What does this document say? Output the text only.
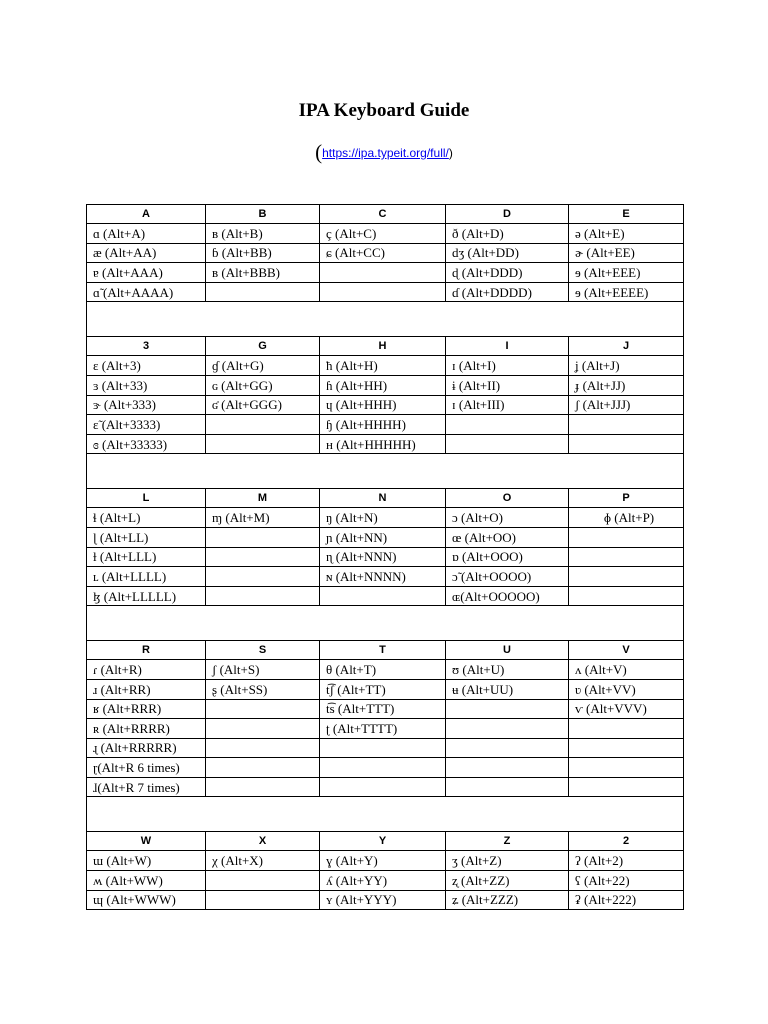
IPA Keyboard Guide
(https://ipa.typeit.org/full/)
A	B	C	D	E
ɑ (Alt+A)	ʙ (Alt+B)	ç (Alt+C)	ð (Alt+D)	ə (Alt+E)
æ (Alt+AA)	ɓ (Alt+BB)	ɕ (Alt+CC)	dʒ (Alt+DD)	ɚ (Alt+EE)
ɐ (Alt+AAA)	ʙ (Alt+BBB)		ɖ (Alt+DDD)	ɘ (Alt+EEE)
ɑ̃ (Alt+AAAA)			ɗ (Alt+DDDD)	ɘ (Alt+EEEE)

3	G	H	I	J
ɛ (Alt+3)	ɠ (Alt+G)	ħ (Alt+H)	ɪ (Alt+I)	ʝ (Alt+J)
ɜ (Alt+33)	ɢ (Alt+GG)	ɦ (Alt+HH)	ɨ (Alt+II)	ɟ (Alt+JJ)
ɝ (Alt+333)	ʛ (Alt+GGG)	ɥ (Alt+HHH)	ɪ (Alt+III)	ʃ (Alt+JJJ)
ɛ̃ (Alt+3333)		ɧ (Alt+HHHH)		
ɞ (Alt+33333)		ʜ (Alt+HHHHH)		

L	M	N	O	P
ɬ (Alt+L)	ɱ (Alt+M)	ŋ (Alt+N)	ɔ (Alt+O)	ɸ (Alt+P)
ɭ (Alt+LL)		ɲ (Alt+NN)	œ (Alt+OO)	
ɫ (Alt+LLL)		ɳ (Alt+NNN)	ɒ (Alt+OOO)	
ʟ (Alt+LLLL)		ɴ (Alt+NNNN)	ɔ̃ (Alt+OOOO)	
ɮ (Alt+LLLLL)			ɶ(Alt+OOOOO)	

R	S	T	U	V
ɾ (Alt+R)	ʃ (Alt+S)	θ (Alt+T)	ʊ (Alt+U)	ʌ (Alt+V)
ɹ (Alt+RR)	ʂ (Alt+SS)	t͡ʃ (Alt+TT)	ʉ (Alt+UU)	ʋ (Alt+VV)
ʁ (Alt+RRR)		t͡s (Alt+TTT)		ⱱ (Alt+VVV)
ʀ (Alt+RRRR)		ʈ (Alt+TTTT)		
ɻ (Alt+RRRRR)				
ɽ(Alt+R 6 times)				
ɺ(Alt+R 7 times)				

W	X	Y	Z	2
ɯ (Alt+W)	χ (Alt+X)	ɣ (Alt+Y)	ʒ (Alt+Z)	ʔ (Alt+2)
ʍ (Alt+WW)		ʎ (Alt+YY)	ʐ (Alt+ZZ)	ʕ (Alt+22)
ɰ (Alt+WWW)		ʏ (Alt+YYY)	ʑ (Alt+ZZZ)	ʡ (Alt+222)
